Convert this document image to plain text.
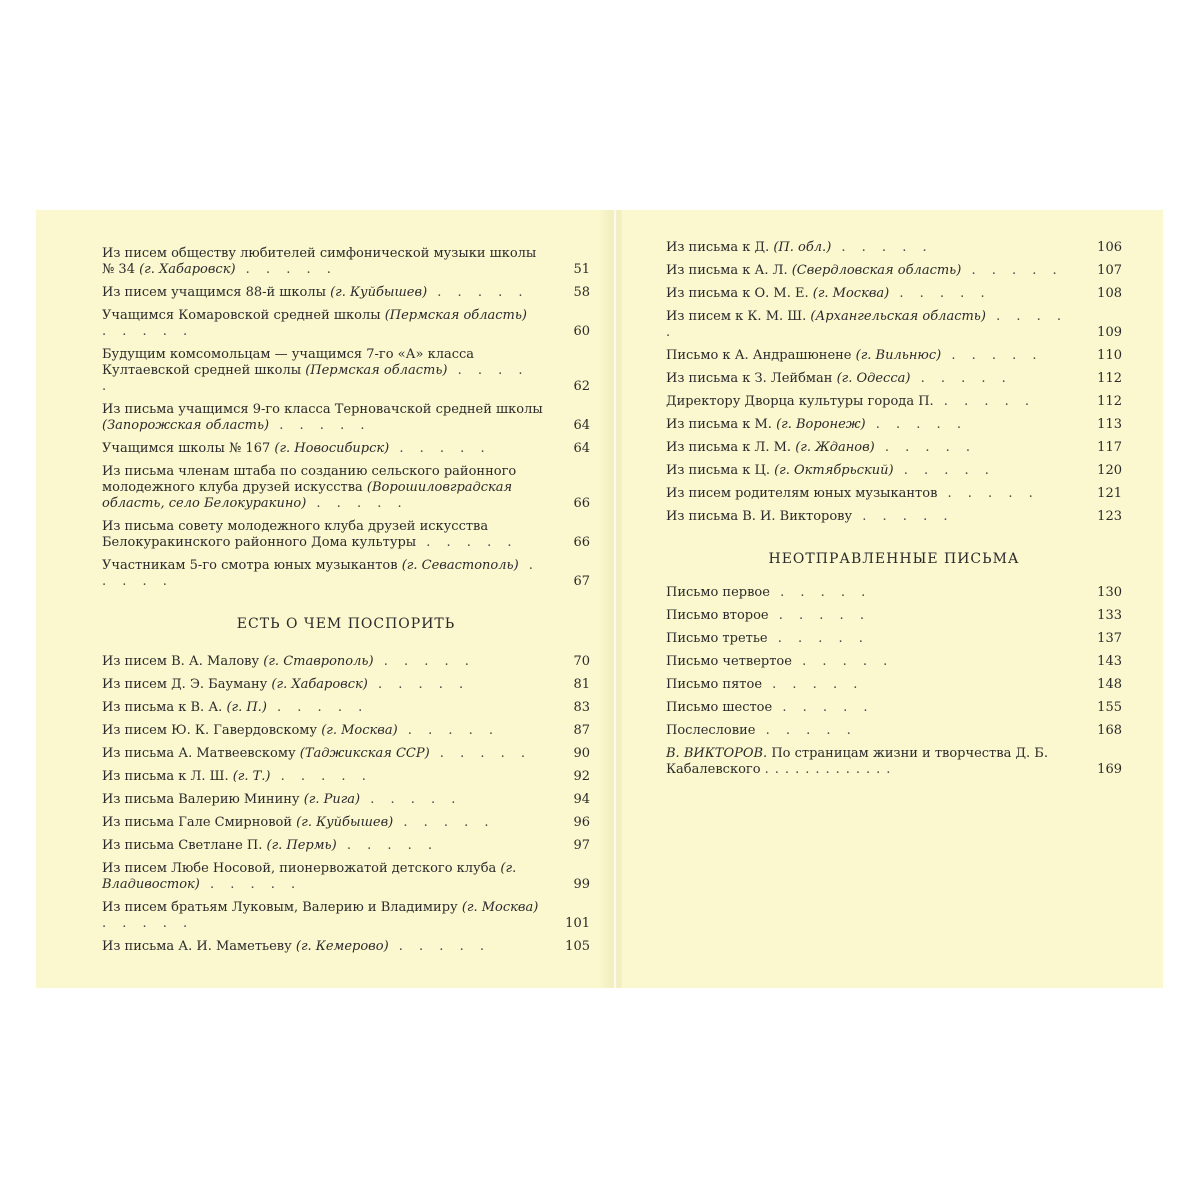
Из писем обществу любителей симфонической музыки школы № 34 (г. Хабаровск) . . . . .	51
Из писем учащимся 88-й школы (г. Куйбышев) . . . . .	58
Учащимся Комаровской средней школы (Пермская область) . . . . .	60
Будущим комсомольцам — учащимся 7-го «А» класса Култаевской средней школы (Пермская область) . . . . .	62
Из письма учащимся 9-го класса Терновачской средней школы (Запорожская область) . . . . .	64
Учащимся школы № 167 (г. Новосибирск) . . . . .	64
Из письма членам штаба по созданию сельского районного молодежного клуба друзей искусства (Ворошиловградская область, село Белокуракино) . . . . .	66
Из письма совету молодежного клуба друзей искусства Белокуракинского районного Дома культуры . . . . .	66
Участникам 5-го смотра юных музыкантов (г. Севастополь) . . . . .	67
ЕСТЬ О ЧЕМ ПОСПОРИТЬ
Из писем В. А. Малову (г. Ставрополь) . . . . .	70
Из писем Д. Э. Бауману (г. Хабаровск) . . . . .	81
Из письма к В. А. (г. П.) . . . . .	83
Из писем Ю. К. Гавердовскому (г. Москва) . . . . .	87
Из письма А. Матвеевскому (Таджикская ССР) . . . . .	90
Из письма к Л. Ш. (г. Т.) . . . . .	92
Из письма Валерию Минину (г. Рига) . . . . .	94
Из письма Гале Смирновой (г. Куйбышев) . . . . .	96
Из письма Светлане П. (г. Пермь) . . . . .	97
Из писем Любе Носовой, пионервожатой детского клуба (г. Владивосток) . . . . .	99
Из писем братьям Луковым, Валерию и Владимиру (г. Москва) . . . . .	101
Из письма А. И. Маметьеву (г. Кемерово) . . . . .	105
Из письма к Д. (П. обл.) . . . . .	106
Из письма к А. Л. (Свердловская область) . . . . .	107
Из письма к О. М. Е. (г. Москва) . . . . .	108
Из писем к К. М. Ш. (Архангельская область) . . . . .	109
Письмо к А. Андрашюнене (г. Вильнюс) . . . . .	110
Из письма к З. Лейбман (г. Одесса) . . . . .	112
Директору Дворца культуры города П. . . . . .	112
Из письма к М. (г. Воронеж) . . . . .	113
Из письма к Л. М. (г. Жданов) . . . . .	117
Из письма к Ц. (г. Октябрьский) . . . . .	120
Из писем родителям юных музыкантов . . . . .	121
Из письма В. И. Викторову . . . . .	123
НЕОТПРАВЛЕННЫЕ ПИСЬМА
Письмо первое . . . . .	130
Письмо второе . . . . .	133
Письмо третье . . . . .	137
Письмо четвертое . . . . .	143
Письмо пятое . . . . .	148
Письмо шестое . . . . .	155
Послесловие . . . . .	168
В. ВИКТОРОВ. По страницам жизни и творчества Д. Б. Кабалевского .............	169
